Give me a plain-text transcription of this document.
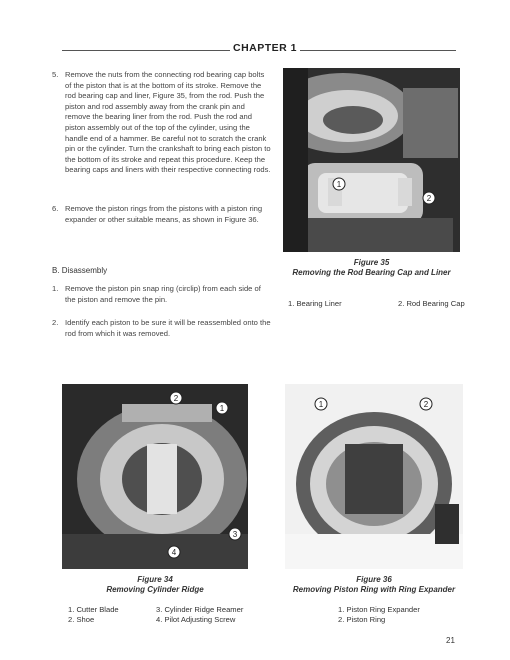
CHAPTER 1
5. Remove the nuts from the connecting rod bearing cap bolts of the piston that is at the bottom of its stroke. Remove the rod bearing cap and liner, Figure 35, from the rod. Push the piston and rod assembly away from the crank pin and remove the bearing liner from the rod. Push the rod and piston assembly out of the top of the cylinder, using the handle end of a hammer. Be careful not to scratch the crank pin or the cylinder. Turn the crankshaft to bring each piston to the bottom of its stroke and repeat this procedure. Keep the bearing caps and liners with their respective connecting rods.
6. Remove the piston rings from the pistons with a piston ring expander or other suitable means, as shown in Figure 36.
B. Disassembly
1. Remove the piston pin snap ring (circlip) from each side of the piston and remove the pin.
2. Identify each piston to be sure it will be reassembled onto the rod from which it was removed.
1
2
Figure 35
Removing the Rod Bearing Cap and Liner
1. Bearing Liner	2. Rod Bearing Cap
1
2
3
4
Figure 34
Removing Cylinder Ridge
1. Cutter Blade
2. Shoe
3. Cylinder Ridge Reamer
4. Pilot Adjusting Screw
1	2
Figure 36
Removing Piston Ring with Ring Expander
1. Piston Ring Expander
2. Piston Ring
21
